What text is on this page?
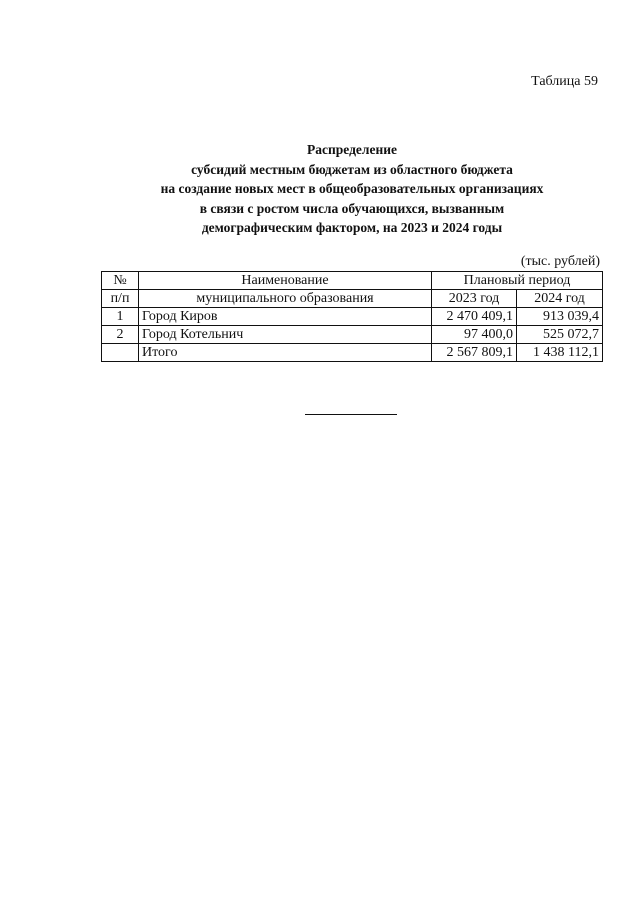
Таблица 59
Распределение
субсидий местным бюджетам из областного бюджета
на создание новых мест в общеобразовательных организациях
в связи с ростом числа обучающихся, вызванным
демографическим фактором, на 2023 и 2024 годы
(тыс. рублей)
№	Наименование	Плановый период	
п/п	муниципального образования	2023 год	2024 год
1	Город Киров	2 470 409,1	913 039,4
2	Город Котельнич	97 400,0	525 072,7
	Итого	2 567 809,1	1 438 112,1
